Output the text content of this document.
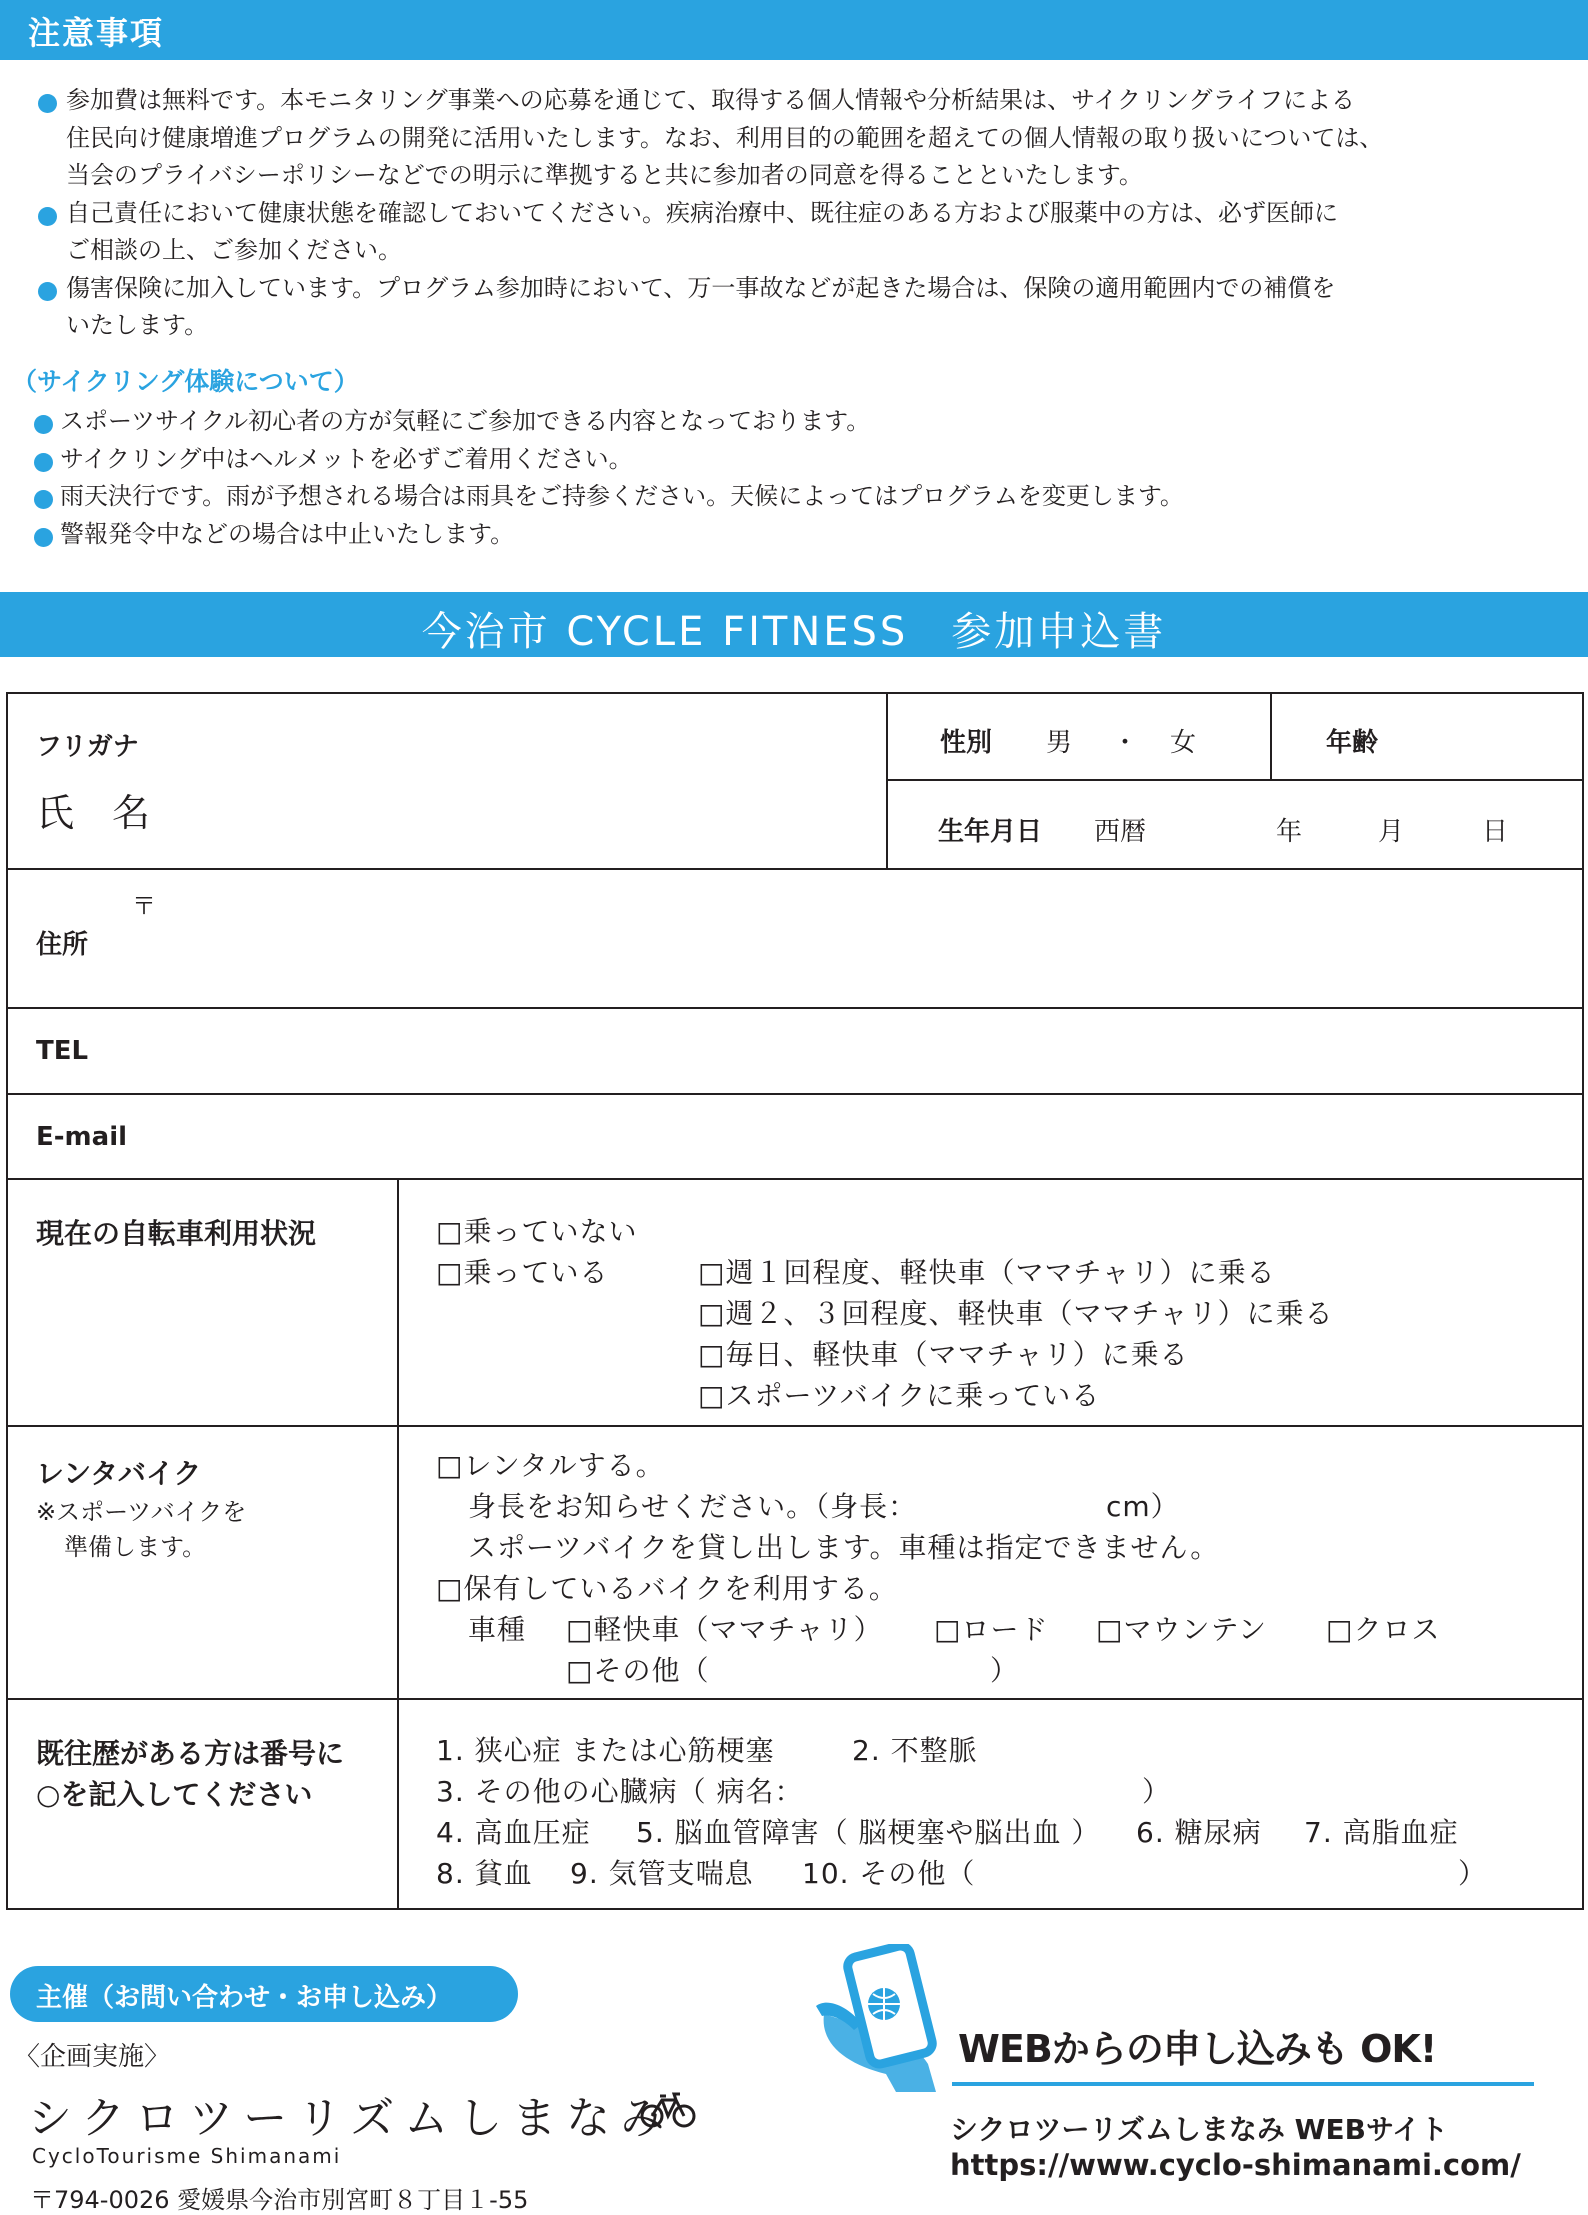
注意事項
参加費は無料です。本モニタリング事業への応募を通じて、取得する個人情報や分析結果は、サイクリングライフによる
住民向け健康増進プログラムの開発に活用いたします。なお、利用目的の範囲を超えての個人情報の取り扱いについては、
当会のプライバシーポリシーなどでの明示に準拠すると共に参加者の同意を得ることといたします。
自己責任において健康状態を確認しておいてください。疾病治療中、既往症のある方および服薬中の方は、必ず医師に
ご相談の上、ご参加ください。
傷害保険に加入しています。プログラム参加時において、万一事故などが起きた場合は、保険の適用範囲内での補償を
いたします。
（サイクリング体験について）
スポーツサイクル初心者の方が気軽にご参加できる内容となっております。
サイクリング中はヘルメットを必ずご着用ください。
雨天決行です。雨が予想される場合は雨具をご持参ください。天候によってはプログラムを変更します。
警報発令中などの場合は中止いたします。
今治市 CYCLE FITNESS　参加申込書
フリガナ
氏　名
性別 男 ・ 女	年齢
生年月日 西暦	年	月	日
〒
住所
TEL
E-mail
現在の自転車利用状況	□乗っていない
□乗っている	□週１回程度、軽快車（ママチャリ）に乗る
□週２、３回程度、軽快車（ママチャリ）に乗る
□毎日、軽快車（ママチャリ）に乗る
□スポーツバイクに乗っている
レンタバイク
※スポーツバイクを
準備します。
□レンタルする。
身長をお知らせください。（身長：	cm）
スポーツバイクを貸し出します。車種は指定できません。
□保有しているバイクを利用する。
車種 □軽快車（ママチャリ） □ロード □マウンテン □クロス
□その他（	）
既往歴がある方は番号に
○を記入してください
1. 狭心症 または心筋梗塞	2. 不整脈
3. その他の心臓病（ 病名：	）
4. 高血圧症 5. 脳血管障害（ 脳梗塞や脳出血 ） 6. 糖尿病 7. 高脂血症
8. 貧血 9. 気管支喘息 10. その他（	）
主催（お問い合わせ・お申し込み）
〈企画実施〉
シクロツーリズムしまなみ
CycloTourisme Shimanami
〒794-0026 愛媛県今治市別宮町８丁目１-55
WEBからの申し込みも OK!
シクロツーリズムしまなみ WEBサイト
https://www.cyclo-shimanami.com/
